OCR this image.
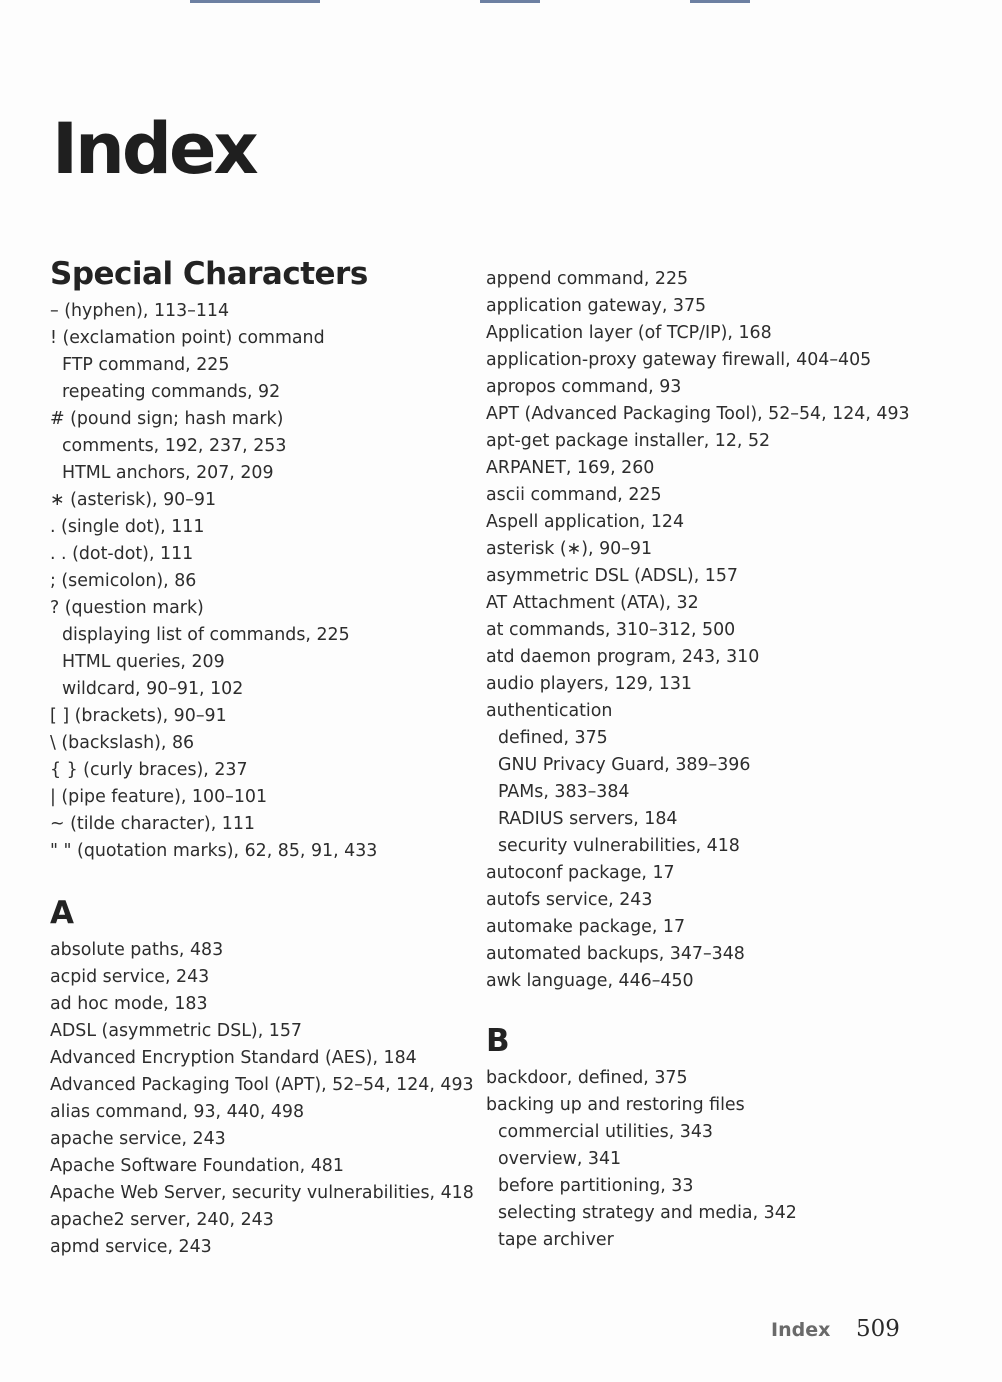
Index
Special Characters
– (hyphen), 113–114
! (exclamation point) command
FTP command, 225
repeating commands, 92
# (pound sign; hash mark)
comments, 192, 237, 253
HTML anchors, 207, 209
∗ (asterisk), 90–91
. (single dot), 111
. . (dot-dot), 111
; (semicolon), 86
? (question mark)
displaying list of commands, 225
HTML queries, 209
wildcard, 90–91, 102
[ ] (brackets), 90–91
\ (backslash), 86
{ } (curly braces), 237
| (pipe feature), 100–101
~ (tilde character), 111
" " (quotation marks), 62, 85, 91, 433
A
absolute paths, 483
acpid service, 243
ad hoc mode, 183
ADSL (asymmetric DSL), 157
Advanced Encryption Standard (AES), 184
Advanced Packaging Tool (APT), 52–54, 124, 493
alias command, 93, 440, 498
apache service, 243
Apache Software Foundation, 481
Apache Web Server, security vulnerabilities, 418
apache2 server, 240, 243
apmd service, 243
append command, 225
application gateway, 375
Application layer (of TCP/IP), 168
application-proxy gateway firewall, 404–405
apropos command, 93
APT (Advanced Packaging Tool), 52–54, 124, 493
apt-get package installer, 12, 52
ARPANET, 169, 260
ascii command, 225
Aspell application, 124
asterisk (∗), 90–91
asymmetric DSL (ADSL), 157
AT Attachment (ATA), 32
at commands, 310–312, 500
atd daemon program, 243, 310
audio players, 129, 131
authentication
defined, 375
GNU Privacy Guard, 389–396
PAMs, 383–384
RADIUS servers, 184
security vulnerabilities, 418
autoconf package, 17
autofs service, 243
automake package, 17
automated backups, 347–348
awk language, 446–450
B
backdoor, defined, 375
backing up and restoring files
commercial utilities, 343
overview, 341
before partitioning, 33
selecting strategy and media, 342
tape archiver
Index 509
